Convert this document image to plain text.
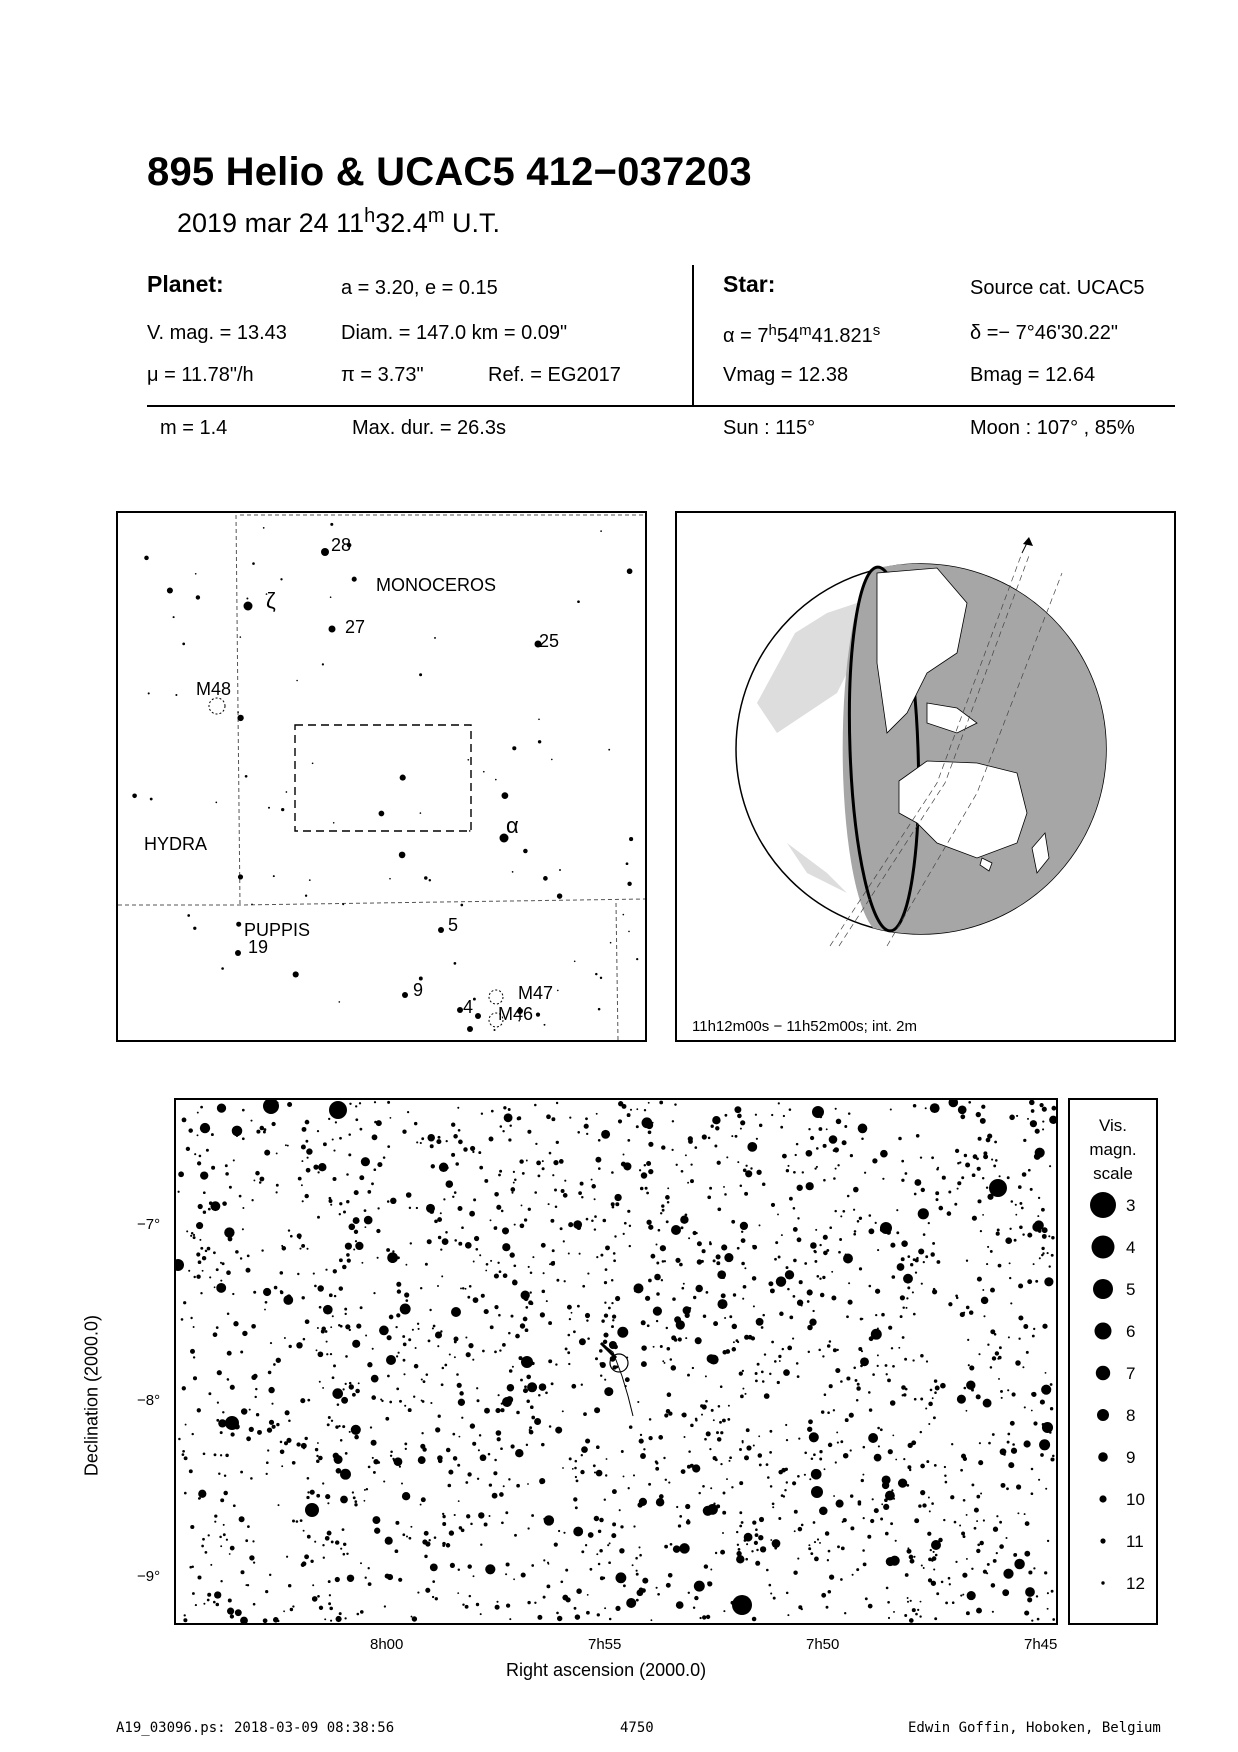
895 Helio & UCAC5 412−037203
2019 mar 24 11$^h$32.4$^m$ U.T.
Planet:	a = 3.20, e = 0.15
V. mag. = 13.43	Diam. = 147.0 km = 0.09"
μ = 11.78"/h	π = 3.73"	Ref. = EG2017
Star:	Source cat. UCAC5
$\alpha = 7^h54^m41.821^s$	δ =− 7°46'30.22"
Vmag = 12.38	Bmag = 12.64
m = 1.4	Max. dur. = 26.3s	Sun : 115°	Moon : 107° , 85%
28
ζ
MONOCEROS
27
25
M48
α
HYDRA
PUPPIS	5
19
9
4
M47
M46
11h12m00s − 11h52m00s; int. 2m
−7°
−8°
−9°
8h00	7h55	7h50	7h45
Right ascension (2000.0)
Declination (2000.0)
Vis.
magn.
scale
3
4
5
6
7
8
9
10
11
12
A19_03096.ps: 2018-03-09 08:38:56	4750	Edwin Goffin, Hoboken, Belgium
